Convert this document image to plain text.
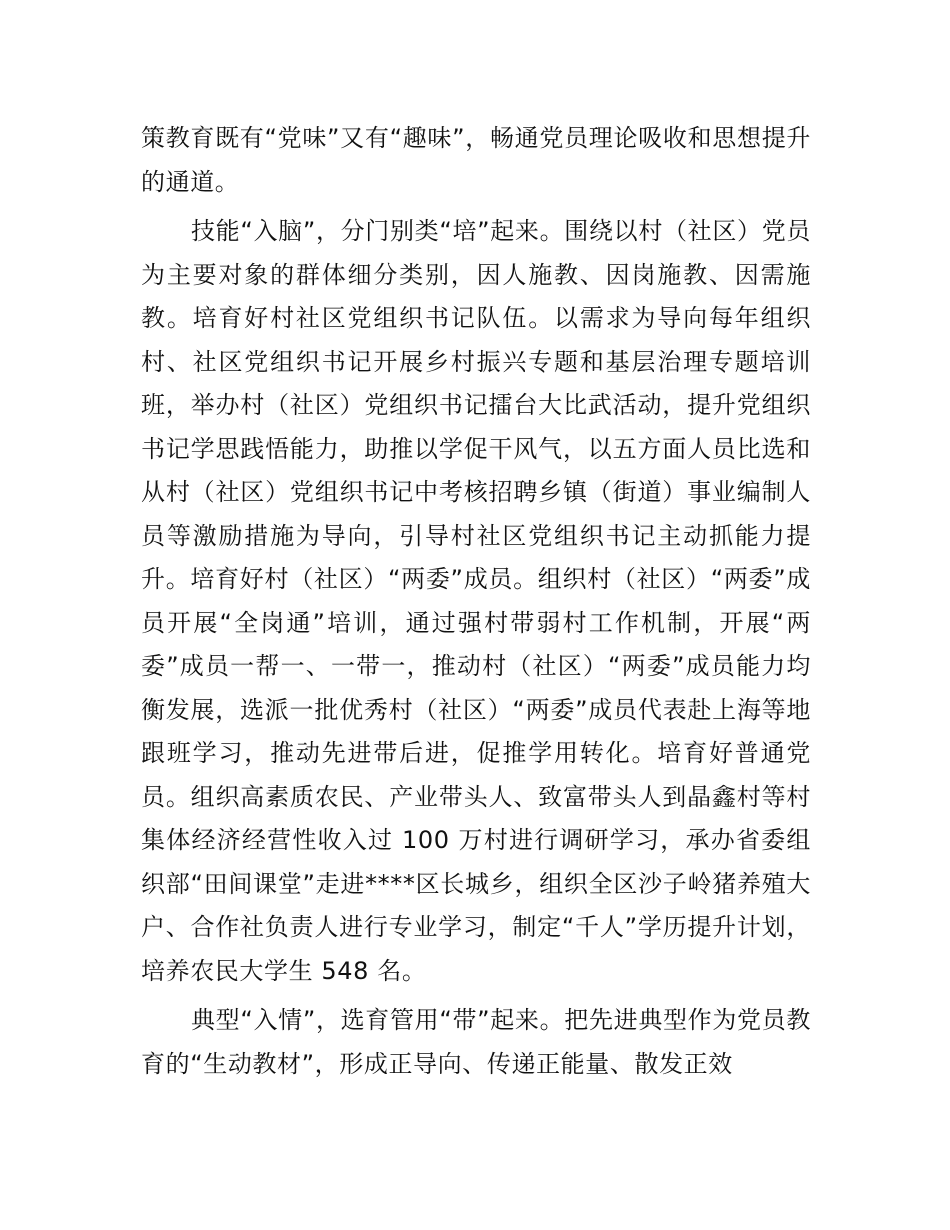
策教育既有“党味”又有“趣味”，畅通党员理论吸收和思想提升的通道。

技能“入脑”，分门别类“培”起来。围绕以村（社区）党员为主要对象的群体细分类别，因人施教、因岗施教、因需施教。培育好村社区党组织书记队伍。以需求为导向每年组织村、社区党组织书记开展乡村振兴专题和基层治理专题培训班，举办村（社区）党组织书记擂台大比武活动，提升党组织书记学思践悟能力，助推以学促干风气，以五方面人员比选和从村（社区）党组织书记中考核招聘乡镇（街道）事业编制人员等激励措施为导向，引导村社区党组织书记主动抓能力提升。培育好村（社区）“两委”成员。组织村（社区）“两委”成员开展“全岗通”培训，通过强村带弱村工作机制，开展“两委”成员一帮一、一带一，推动村（社区）“两委”成员能力均衡发展，选派一批优秀村（社区）“两委”成员代表赴上海等地跟班学习，推动先进带后进，促推学用转化。培育好普通党员。组织高素质农民、产业带头人、致富带头人到晶鑫村等村集体经济经营性收入过 100 万村进行调研学习，承办省委组织部“田间课堂”走进****区长城乡，组织全区沙子岭猪养殖大户、合作社负责人进行专业学习，制定“千人”学历提升计划，培养农民大学生 548 名。

典型“入情”，选育管用“带”起来。把先进典型作为党员教育的“生动教材”，形成正导向、传递正能量、散发正效
